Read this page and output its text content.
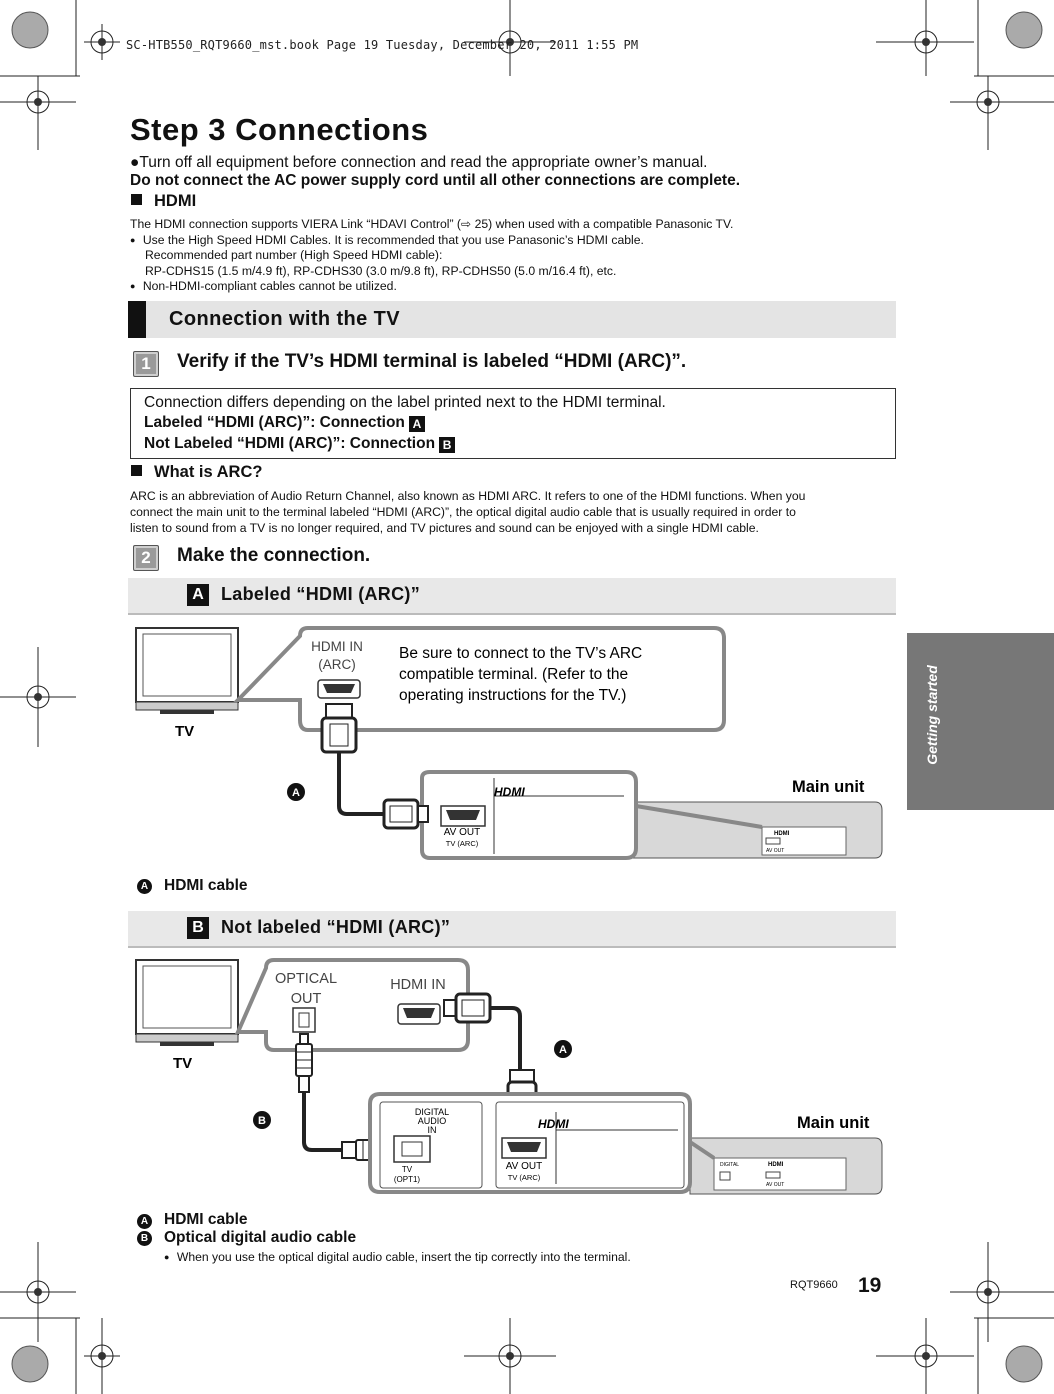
SC-HTB550_RQT9660_mst.book Page 19 Tuesday, December 20, 2011 1:55 PM
Step 3 Connections
●Turn off all equipment before connection and read the appropriate owner’s manual.
Do not connect the AC power supply cord until all other connections are complete.
HDMI
The HDMI connection supports VIERA Link “HDAVI Control” (⇨ 25) when used with a compatible Panasonic TV.
● Use the High Speed HDMI Cables. It is recommended that you use Panasonic’s HDMI cable.
Recommended part number (High Speed HDMI cable):
RP-CDHS15 (1.5 m/4.9 ft), RP-CDHS30 (3.0 m/9.8 ft), RP-CDHS50 (5.0 m/16.4 ft), etc.
● Non-HDMI-compliant cables cannot be utilized.
Connection with the TV
1	Verify if the TV’s HDMI terminal is labeled “HDMI (ARC)”.
Connection differs depending on the label printed next to the HDMI terminal.
Labeled “HDMI (ARC)”: Connection A
Not Labeled “HDMI (ARC)”: Connection B
What is ARC?
ARC is an abbreviation of Audio Return Channel, also known as HDMI ARC. It refers to one of the HDMI functions. When you
connect the main unit to the terminal labeled “HDMI (ARC)”, the optical digital audio cable that is usually required in order to
listen to sound from a TV is no longer required, and TV pictures and sound can be enjoyed with a single HDMI cable.
2	Make the connection.
A Labeled “HDMI (ARC)”
HDMI
AV OUT
TV
HDMI IN
(ARC)
Be sure to connect to the TV’s ARC
compatible terminal. (Refer to the
operating instructions for the TV.)
HDMI
AV OUT
TV (ARC)
A	Main unit
A HDMI cable
B Not labeled “HDMI (ARC)”
DIGITAL	HDMI
AV OUT
TV
OPTICAL
OUT
HDMI IN
A
B
DIGITAL
AUDIO
IN
TV
(OPT1)
HDMI
AV OUT
TV (ARC)
Main unit
A HDMI cable
B Optical digital audio cable
● When you use the optical digital audio cable, insert the tip correctly into the terminal.
RQT9660 19
Getting started
